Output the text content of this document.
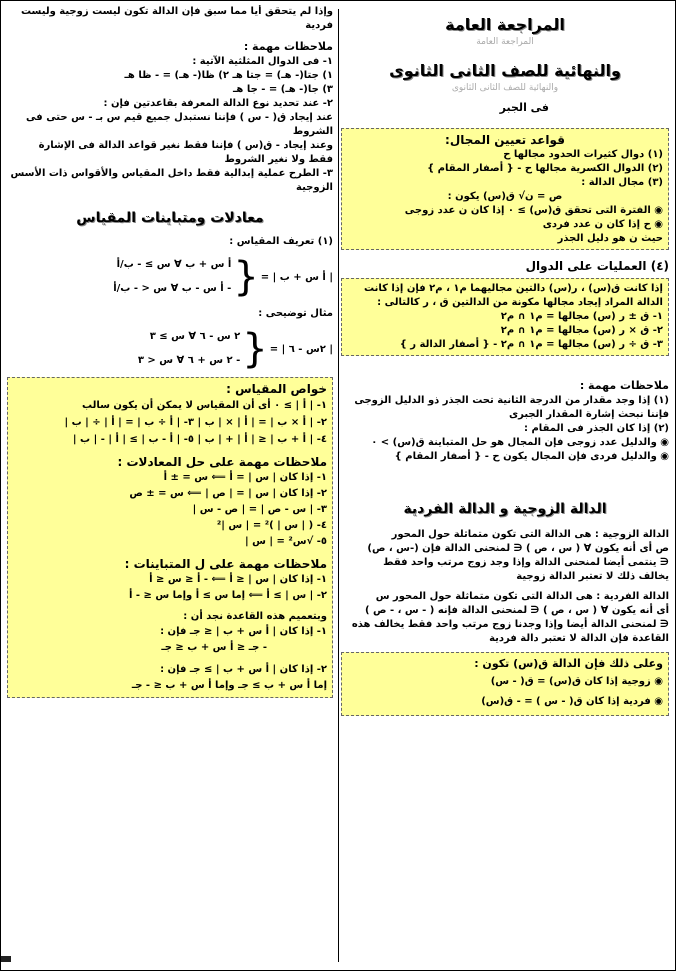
المراجعة العامة
المراجعة العامة
والنهائية للصف الثانى الثانوى
والنهائية للصف الثانى الثانوى
فى الجبر
قواعد تعيين المجال:

(١) دوال كثيرات الحدود مجالها ح

(٢) الدوال الكسرية مجالها ح - { أصفار المقام }

(٣) مجال الدالة :

ص = ن√ ق(س) يكون :

◉ الفترة التى تحقق ق(س) ≥ ٠ إذا كان ن عدد زوجى

◉ ح إذا كان ن عدد فردى

حيث ن هو دليل الجذر

(٤) العمليات على الدوال

إذا كانت ق(س) ، ر(س) دالتين مجاليهما م١ ، م٢ فإن إذا كانت

الدالة المراد إيجاد مجالها مكونة من الدالتين ق ، ر كالتالى :

١- ق ± ر (س) مجالها = م١ ∩ م٢

٢- ق × ر (س) مجالها = م١ ∩ م٢

٣- ق ÷ ر (س) مجالها = م١ ∩ م٢ - { أصفار الدالة ر }

ملاحظات مهمة :

(١) إذا وجد مقدار من الدرجة الثانية تحت الجذر ذو الدليل الزوجى

فإننا نبحث إشارة المقدار الجبرى

(٢) إذا كان الجذر فى المقام :

◉ والدليل عدد زوجى فإن المجال هو حل المتباينة ق(س) > ٠

◉ والدليل فردى فإن المجال يكون ح - { أصفار المقام }

الدالة الزوجية و الدالة الفردية

الدالة الزوجية : هى الدالة التى تكون متماثلة حول المحور

ص أى أنه يكون ∀ ( س ، ص ) ∈ لمنحنى الدالة فإن (-س ، ص)

∈ ينتمى أيضا لمنحنى الدالة وإذا وجد زوج مرتب واحد فقط

يخالف ذلك لا تعتبر الدالة زوجية

الدالة الفردية : هى الدالة التى تكون متماثلة حول المحور س

أى أنه يكون ∀ ( س ، ص ) ∈ لمنحنى الدالة فإنه ( - س ، - ص )

∈ لمنحنى الدالة أيضا وإذا وجدنا زوج مرتب واحد فقط يخالف هذه

القاعدة فإن الدالة لا تعتبر دالة فردية

وعلى ذلك فإن الدالة ق(س) تكون :

◉ زوجية إذا كان ق(س) = ق( - س)

◉ فردية إذا كان ق( - س ) = - ق(س)

وإذا لم يتحقق أيا مما سبق فإن الدالة تكون ليست زوجية وليست

فردية

ملاحظات مهمة :

١- فى الدوال المثلثية الآتية :

١) جتا(- هـ) = جتا هـ ٢) ظا(- هـ) = - ظا هـ

٣) جا(- هـ) = - جا هـ

٢- عند تحديد نوع الدالة المعرفة بقاعدتين فإن :

عند إيجاد ق( - س ) فإننا نستبدل جميع قيم س بـ - س حتى فى

الشروط

وعند إيجاد - ق(س ) فإننا فقط نغير قواعد الدالة فى الإشارة

فقط ولا نغير الشروط

٣- الطرح عملية إبدالية فقط داخل المقياس والأقواس ذات الأسس

الزوجية

معادلات ومتباينات المقياس

(١) تعريف المقياس :

| أ س + ب | =
{

أ س + ب ∀ س ≥ - ب/أ

- أ س - ب ∀ س < - ب/أ

مثال توضيحى :

| ٢س - ٦ | =
{

٢ س - ٦ ∀ س ≥ ٣

- ٢ س + ٦ ∀ س < ٣

خواص المقياس :

١- | أ | ≥ ٠ أى أن المقياس لا يمكن أن يكون سالب

٢- | أ × ب | = | أ | × | ب | ٣- | أ ÷ ب | = | أ | ÷ | ب |

٤- | أ + ب | ≤ | أ | + | ب | ٥- | أ - ب | ≥ | أ | - | ب |

ملاحظات مهمة على حل المعادلات :

١- إذا كان | س | = أ ⟸ س = ± أ

٢- إذا كان | س | = | ص | ⟸ س = ± ص

٣- | س - ص | = | ص - س |

٤- ( | س | )² = | س |²

٥- √س² = | س |

ملاحظات مهمة على ل المتباينات :

١- إذا كان | س | ≤ أ ⟸ - أ ≤ س ≤ أ

٢- | س | ≥ أ ⟸ إما س ≥ أ وإما س ≤ - أ

وبتعميم هذه القاعدة نجد أن :

١- إذا كان | أ س + ب | ≤ جـ فإن :

- جـ ≤ أ س + ب ≤ جـ

٢- إذا كان | أ س + ب | ≥ جـ فإن :

إما أ س + ب ≥ جـ وإما أ س + ب ≤ - جـ
